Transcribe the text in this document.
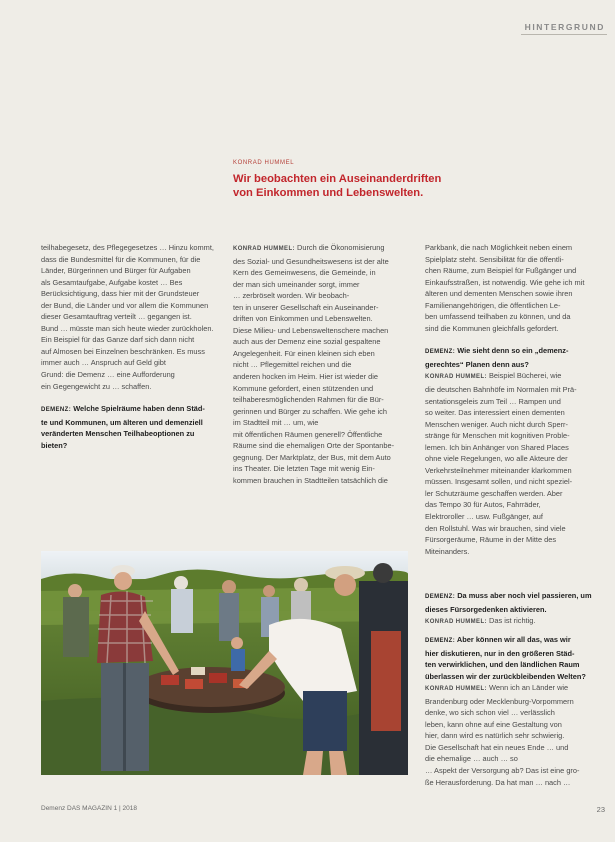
HINTERGRUND
KONRAD HUMMEL
Wir beobachten ein Auseinanderdriften von Einkommen und Lebenswelten.

teilhabegesetz, des Pflegegesetzes … Hinzu kommt,

dass die Bundesmittel für die Kommunen, für die

Länder, Bürgerinnen und Bürger für Aufgaben

als Gesamtaufgabe, Aufgabe kostet … Bes

Berücksichtigung, dass hier mit der Grundsteuer

der Bund, die Länder und vor allem die Kommunen

dieser Gesamtauftrag verteilt … gegangen ist.

Bund … müsste man sich heute wieder zurückholen.

Ein Beispiel für das Ganze darf sich dann nicht

auf Almosen bei Einzelnen beschränken. Es muss

immer auch … Anspruch auf Geld gibt

Grund: die Demenz … eine Aufforderung

ein Gegengewicht zu … schaffen.

DEMENZ: Welche Spielräume haben denn Städ-

te und Kommunen, um älteren und demenziell

veränderten Menschen Teilhabeoptionen zu

bieten?

KONRAD HUMMEL: Durch die Ökonomisierung

des Sozial- und Gesundheitswesens ist der alte

Kern des Gemeinwesens, die Gemeinde, in

der man sich umeinander sorgt, immer

… zerbröselt worden. Wir beobach-

ten in unserer Gesellschaft ein Auseinander-

driften von Einkommen und Lebenswelten.

Diese Milieu- und Lebensweltenschere machen

auch aus der Demenz eine sozial gespaltene

Angelegenheit. Für einen kleinen sich eben

nicht … Pflegemittel reichen und die

anderen hocken im Heim. Hier ist wieder die

Kommune gefordert, einen stützenden und

teilhaberesmöglichenden Rahmen für die Bür-

gerinnen und Bürger zu schaffen. Wie gehe ich

im Stadtteil mit … um, wie

mit öffentlichen Räumen generell? Öffentliche

Räume sind die ehemaligen Orte der Spontanbe-

gegnung. Der Marktplatz, der Bus, mit dem Auto

ins Theater. Die letzten Tage mit wenig Ein-

kommen brauchen in Stadtteilen tatsächlich die

Parkbank, die nach Möglichkeit neben einem

Spielplatz steht. Sensibilität für die öffentli-

chen Räume, zum Beispiel für Fußgänger und

Einkaufsstraßen, ist notwendig. Wie gehe ich mit

älteren und dementen Menschen sowie ihren

Familienangehörigen, die öffentlichen Le-

ben umfassend teilhaben zu können, und da

sind die Kommunen gleichfalls gefordert.

DEMENZ: Wie sieht denn so ein „demenz-

gerechtes“ Planen denn aus?

KONRAD HUMMEL: Beispiel Bücherei, wie

die deutschen Bahnhöfe im Normalen mit Prä-

sentationsgeleis zum Teil … Rampen und

so weiter. Das interessiert einen dementen

Menschen weniger. Auch nicht durch Sperr-

stränge für Menschen mit kognitiven Proble-

lemen. Ich bin Anhänger von Shared Places

ohne viele Regelungen, wo alle Akteure der

Verkehrsteilnehmer miteinander klarkommen

müssen. Insgesamt sollen, und nicht speziel-

ler Schutzräume geschaffen werden. Aber

das Tempo 30 für Autos, Fahrräder,

Elektroroller … usw. Fußgänger, auf

den Rollstuhl. Was wir brauchen, sind viele

Fürsorgeräume, Räume in der Mitte des

Miteinanders.

DEMENZ: Da muss aber noch viel passieren, um

dieses Fürsorgedenken aktivieren.

KONRAD HUMMEL: Das ist richtig.

DEMENZ: Aber können wir all das, was wir

hier diskutieren, nur in den größeren Städ-

ten verwirklichen, und den ländlichen Raum

überlassen wir der zurückbleibenden Welten?

KONRAD HUMMEL: Wenn ich an Länder wie

Brandenburg oder Mecklenburg-Vorpommern

denke, wo sich schon viel … verlässlich

leben, kann ohne auf eine Gestaltung von

hier, dann wird es natürlich sehr schwierig.

Die Gesellschaft hat ein neues Ende … und

die ehemalige … auch … so

… Aspekt der Versorgung ab? Das ist eine gro-

ße Herausforderung. Da hat man … nach …

Demenz DAS MAGAZIN 1 | 2018	23
